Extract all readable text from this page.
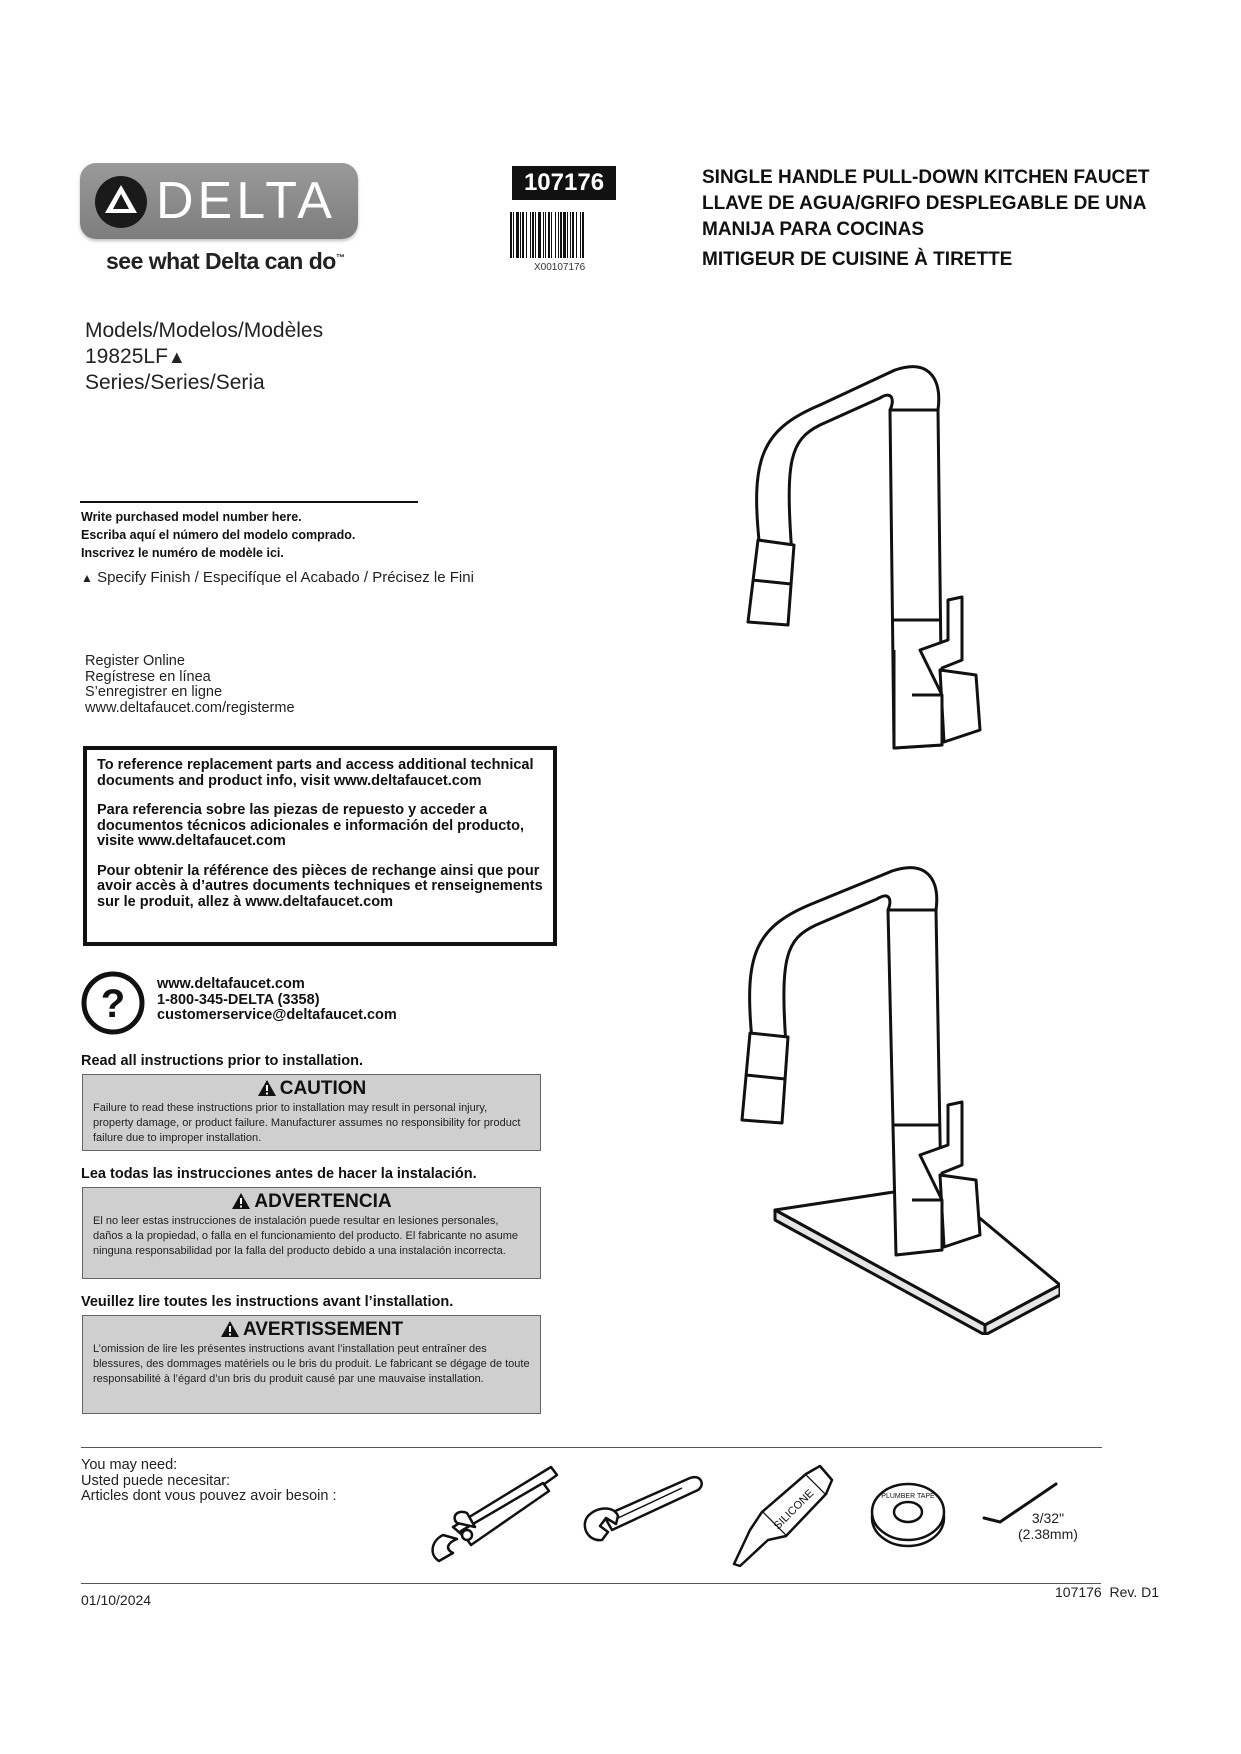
DELTA
see what Delta can do™
107176
X00107176
SINGLE HANDLE PULL-DOWN KITCHEN FAUCET
LLAVE DE AGUA/GRIFO DESPLEGABLE DE UNA
MANIJA PARA COCINAS
MITIGEUR DE CUISINE À TIRETTE
Models/Modelos/Modèles
19825LF▲
Series/Series/Seria
Write purchased model number here.
Escriba aquí el número del modelo comprado.
Inscrivez le numéro de modèle ici.
▲ Specify Finish / Especifíque el Acabado / Précisez le Fini
Register Online
Regístrese en línea
S’enregistrer en ligne
www.deltafaucet.com/registerme

To reference replacement parts and access additional technical documents and product info, visit www.deltafaucet.com

Para referencia sobre las piezas de repuesto y acceder a documentos técnicos adicionales e información del producto, visite www.deltafaucet.com

Pour obtenir la référence des pièces de rechange ainsi que pour avoir accès à d’autres documents techniques et renseignements sur le produit, allez à www.deltafaucet.com

? www.deltafaucet.com
1-800-345-DELTA (3358)
customerservice@deltafaucet.com
Read all instructions prior to installation.
CAUTION
Failure to read these instructions prior to installation may result in personal injury, property damage, or product failure. Manufacturer assumes no responsibility for product failure due to improper installation.
Lea todas las instrucciones antes de hacer la instalación.
ADVERTENCIA
El no leer estas instrucciones de instalación puede resultar en lesiones personales, daños a la propiedad, o falla en el funcionamiento del producto. El fabricante no asume ninguna responsabilidad por la falla del producto debido a una instalación incorrecta.
Veuillez lire toutes les instructions avant l’installation.
AVERTISSEMENT
L’omission de lire les présentes instructions avant l’installation peut entraîner des blessures, des dommages matériels ou le bris du produit. Le fabricant se dégage de toute responsabilité à l’égard d’un bris du produit causé par une mauvaise installation.
You may need:
Usted puede necesitar:
Articles dont vous pouvez avoir besoin :	SILICONE	PLUMBER TAPE
3/32"
(2.38mm)
01/10/2024	107176  Rev. D1
